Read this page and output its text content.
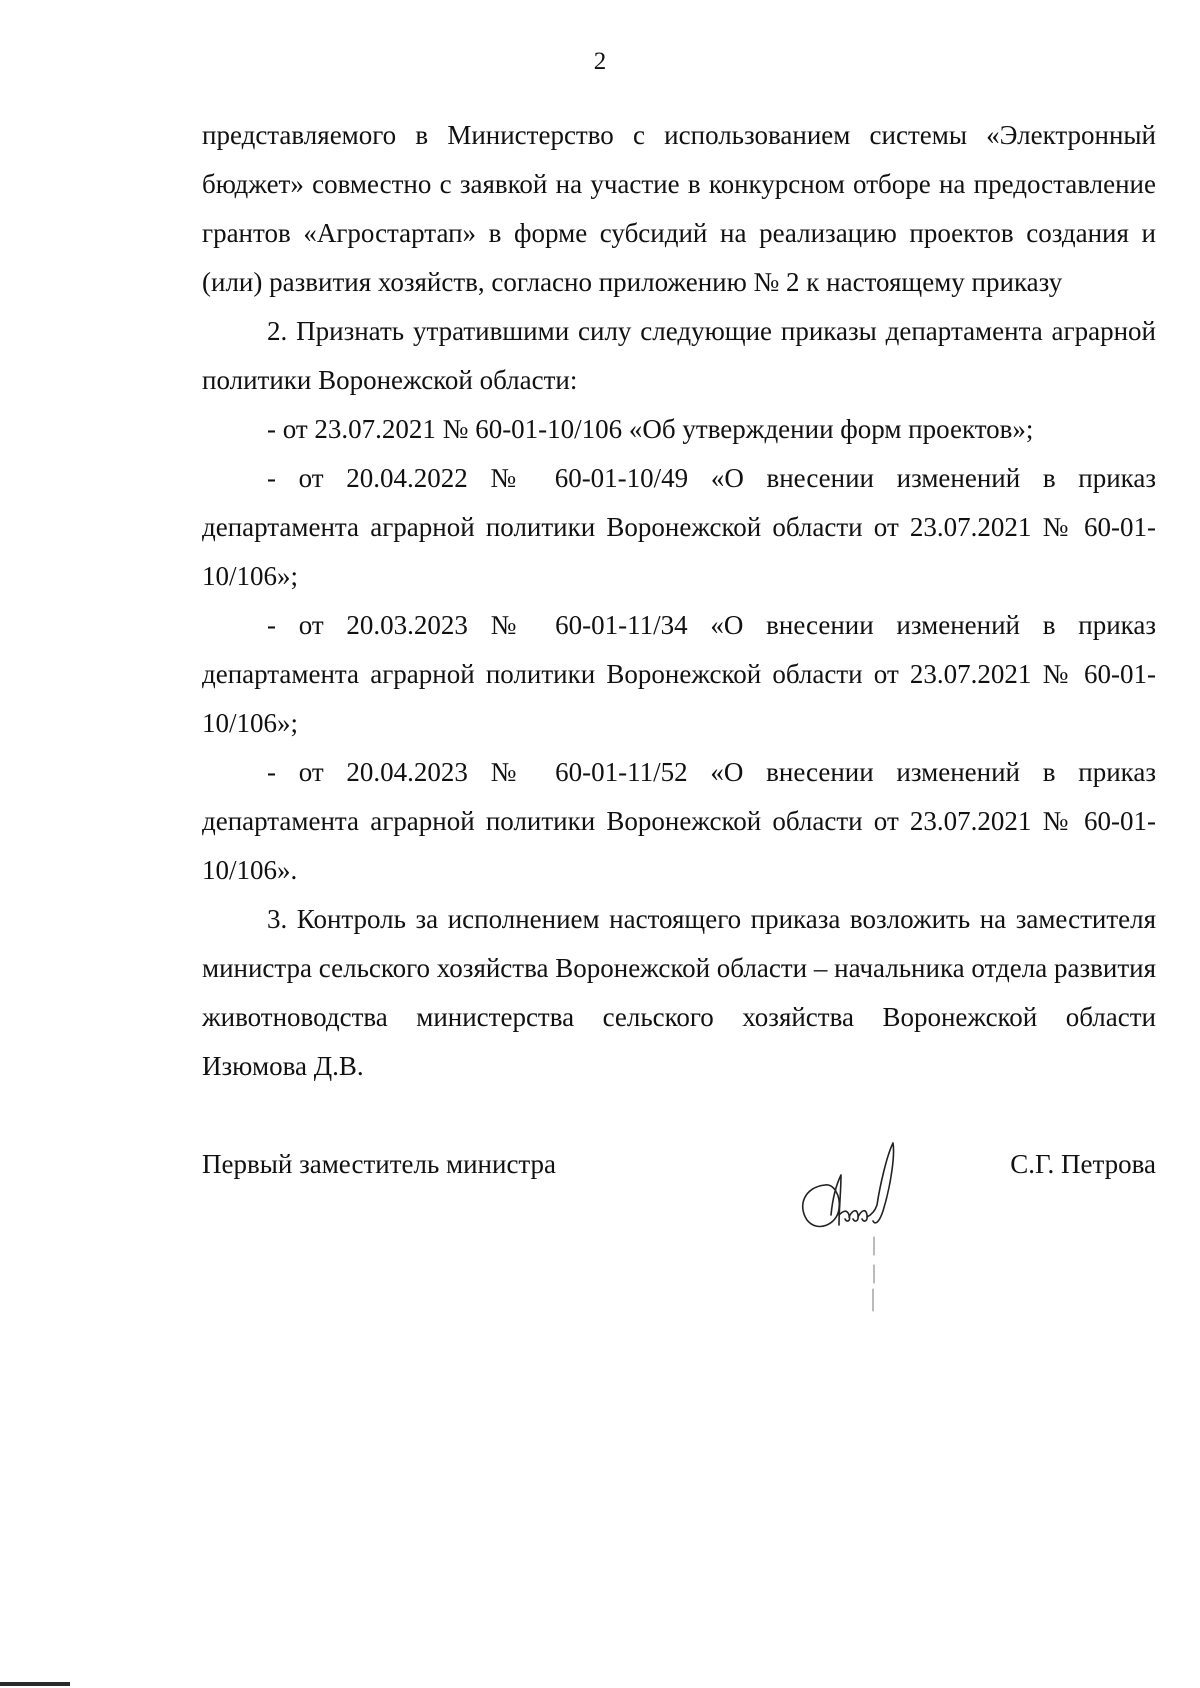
2

представляемого в Министерство с использованием системы «Электронный бюджет» совместно с заявкой на участие в конкурсном отборе на предоставление грантов «Агростартап» в форме субсидий на реализацию проектов создания и (или) развития хозяйств, согласно приложению № 2 к настоящему приказу

2. Признать утратившими силу следующие приказы департамента аграрной политики Воронежской области:

- от 23.07.2021 № 60-01-10/106 «Об утверждении форм проектов»;

- от 20.04.2022 № 60-01-10/49 «О внесении изменений в приказ департамента аграрной политики Воронежской области от 23.07.2021 № 60-01-10/106»;

- от 20.03.2023 № 60-01-11/34 «О внесении изменений в приказ департамента аграрной политики Воронежской области от 23.07.2021 № 60-01-10/106»;

- от 20.04.2023 № 60-01-11/52 «О внесении изменений в приказ департамента аграрной политики Воронежской области от 23.07.2021 № 60-01-10/106».

3. Контроль за исполнением настоящего приказа возложить на заместителя министра сельского хозяйства Воронежской области – начальника отдела развития животноводства министерства сельского хозяйства Воронежской области Изюмова Д.В.

Первый заместитель министра	С.Г. Петрова
